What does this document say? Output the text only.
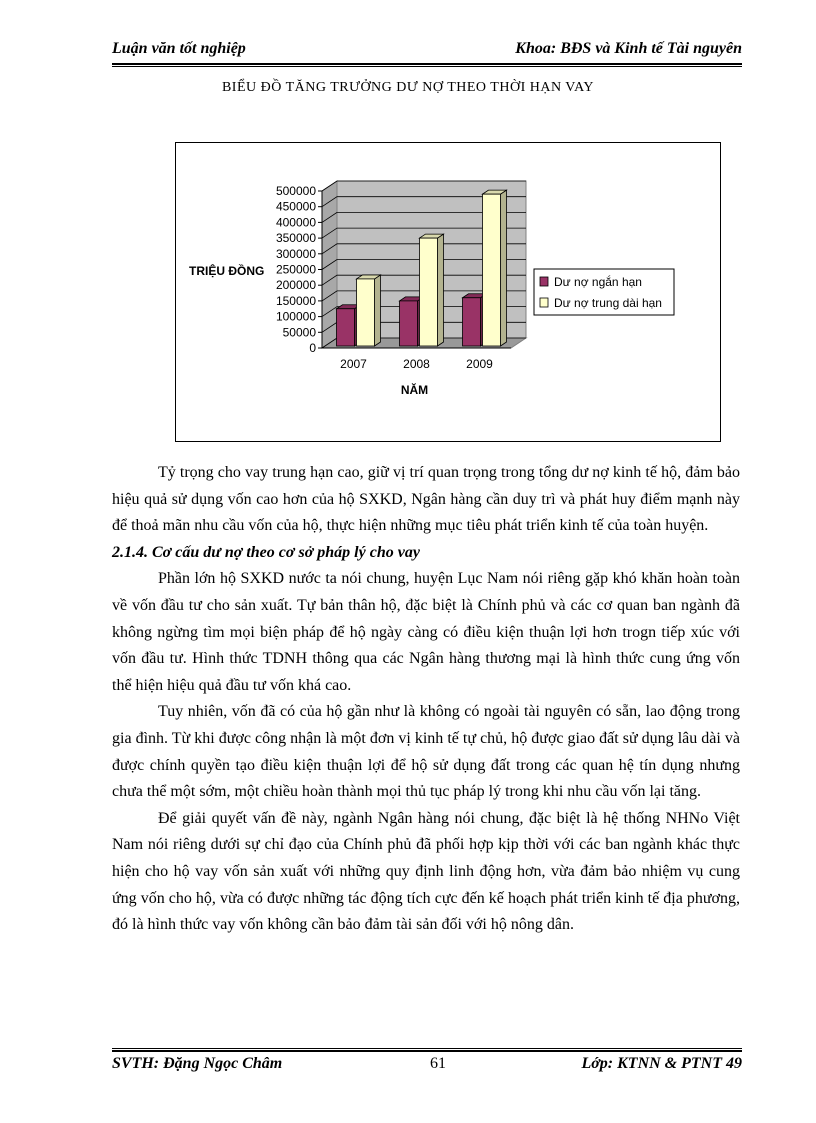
Luận văn tốt nghiệp	Khoa: BĐS và Kinh tế Tài nguyên
BIỂU ĐỒ TĂNG TRƯỞNG DƯ NỢ THEO THỜI HẠN VAY
0
50000
100000
150000
200000
250000
300000
350000
400000
450000
500000
2007	2008	2009
TRIỆU ĐỒNG
NĂM
Dư nợ ngắn hạn
Dư nợ trung dài hạn

Tỷ trọng cho vay trung hạn cao, giữ vị trí quan trọng trong tổng dư nợ kinh tế hộ, đảm bảo hiệu quả sử dụng vốn cao hơn của hộ SXKD, Ngân hàng cần duy trì và phát huy điểm mạnh này để thoả mãn nhu cầu vốn của hộ, thực hiện những mục tiêu phát triển kinh tế của toàn huyện.

2.1.4. Cơ cấu dư nợ theo cơ sở pháp lý cho vay

Phần lớn hộ SXKD nước ta nói chung, huyện Lục Nam nói riêng gặp khó khăn hoàn toàn về vốn đầu tư cho sản xuất. Tự bản thân hộ, đặc biệt là Chính phủ và các cơ quan ban ngành đã không ngừng tìm mọi biện pháp để hộ ngày càng có điều kiện thuận lợi hơn trogn tiếp xúc với vốn đầu tư. Hình thức TDNH thông qua các Ngân hàng thương mại là hình thức cung ứng vốn thể hiện hiệu quả đầu tư vốn khá cao.

Tuy nhiên, vốn đã có của hộ gần như là không có ngoài tài nguyên có sẵn, lao động trong gia đình. Từ khi được công nhận là một đơn vị kinh tế tự chủ, hộ được giao đất sử dụng lâu dài và được chính quyền tạo điều kiện thuận lợi để hộ sử dụng đất trong các quan hệ tín dụng nhưng chưa thể một sớm, một chiều hoàn thành mọi thủ tục pháp lý trong khi nhu cầu vốn lại tăng.

Để giải quyết vấn đề này, ngành Ngân hàng nói chung, đặc biệt là hệ thống NHNo Việt Nam nói riêng dưới sự chỉ đạo của Chính phủ đã phối hợp kịp thời với các ban ngành khác thực hiện cho hộ vay vốn sản xuất với những quy định linh động hơn, vừa đảm bảo nhiệm vụ cung ứng vốn cho hộ, vừa có được những tác động tích cực đến kế hoạch phát triển kinh tế địa phương, đó là hình thức vay vốn không cần bảo đảm tài sản đối với hộ nông dân.

SVTH: Đặng Ngọc Châm	61	Lớp: KTNN & PTNT 49
